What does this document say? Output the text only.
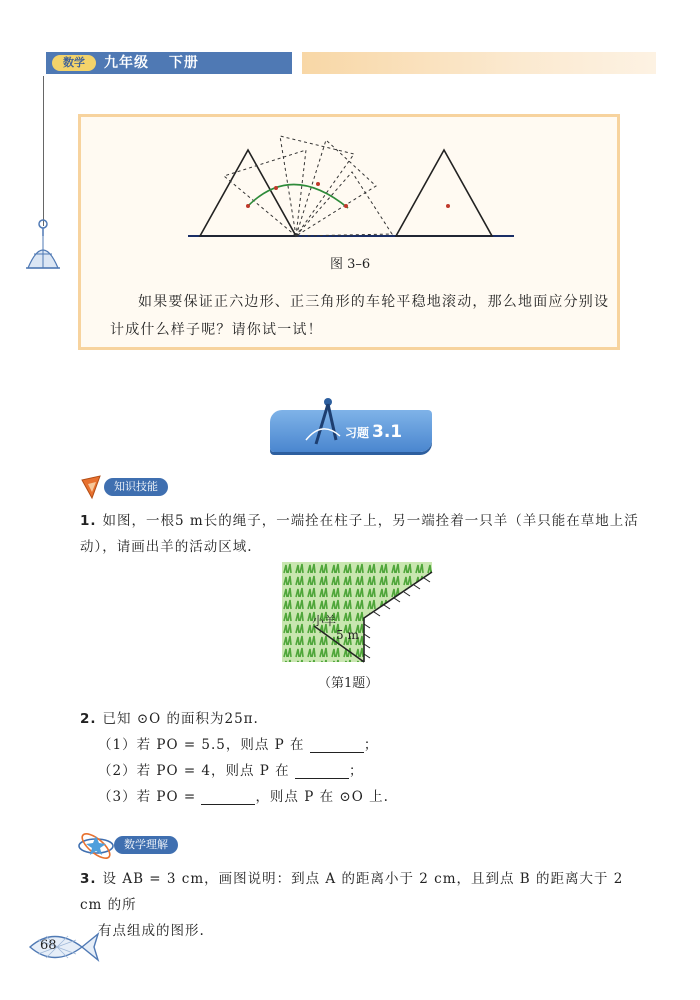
数学	九年级 下册
图 3–6
如果要保证正六边形、正三角形的车轮平稳地滚动，那么地面应分别设计成什么样子呢？请你试一试！
习题 3.1
知识技能
1. 如图，一根5 m长的绳子，一端拴在柱子上，另一端拴着一只羊（羊只能在草地上活动），请画出羊的活动区域.
小羊
5 m
（第1题）
2. 已知 ⊙O 的面积为25π.
（1）若 PO = 5.5，则点 P 在	；
（2）若 PO = 4，则点 P 在	；
（3）若 PO =	，则点 P 在 ⊙O 上.
数学理解
3. 设 AB = 3 cm，画图说明：到点 A 的距离小于 2 cm，且到点 B 的距离大于 2 cm 的所
有点组成的图形.
68
